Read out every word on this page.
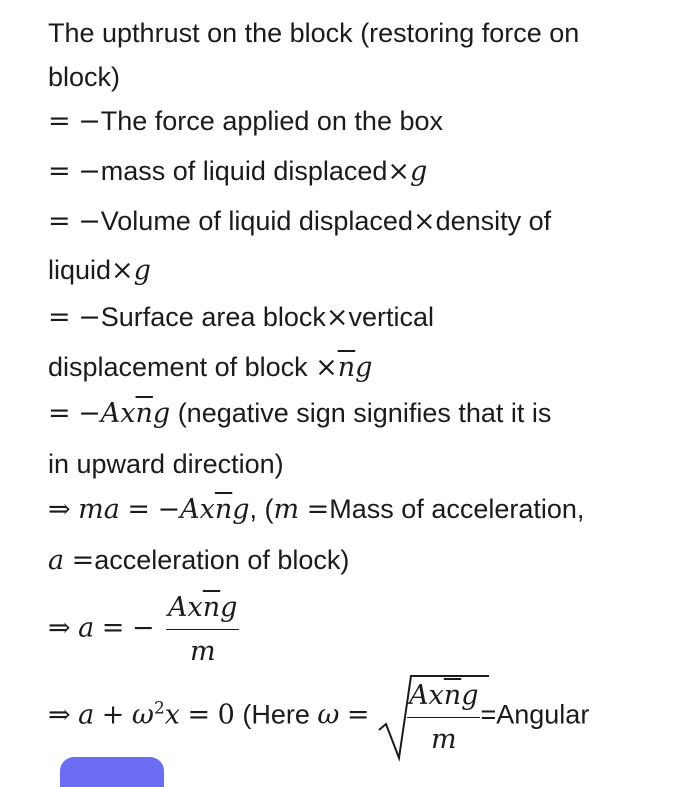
The upthrust on the block (restoring force on
block)
= −The force applied on the box
= −mass of liquid displaced×g
= −Volume of liquid displaced×density of
liquid×g
= −Surface area block×vertical
displacement of block $\times\overline{n}g$
= $-Ax\overline{n}g$ (negative sign signifies that it is
in upward direction)
⇒ ma = $-Ax\overline{n}g$, (m =Mass of acceleration,
a =acceleration of block)
⇒ a = − $\frac{Ax\overline{n}g}{m}$
⇒ $a + \omega^2x = 0$ (Here $\omega = \frac{Ax\overline{n}g}{m}$ =Angular
